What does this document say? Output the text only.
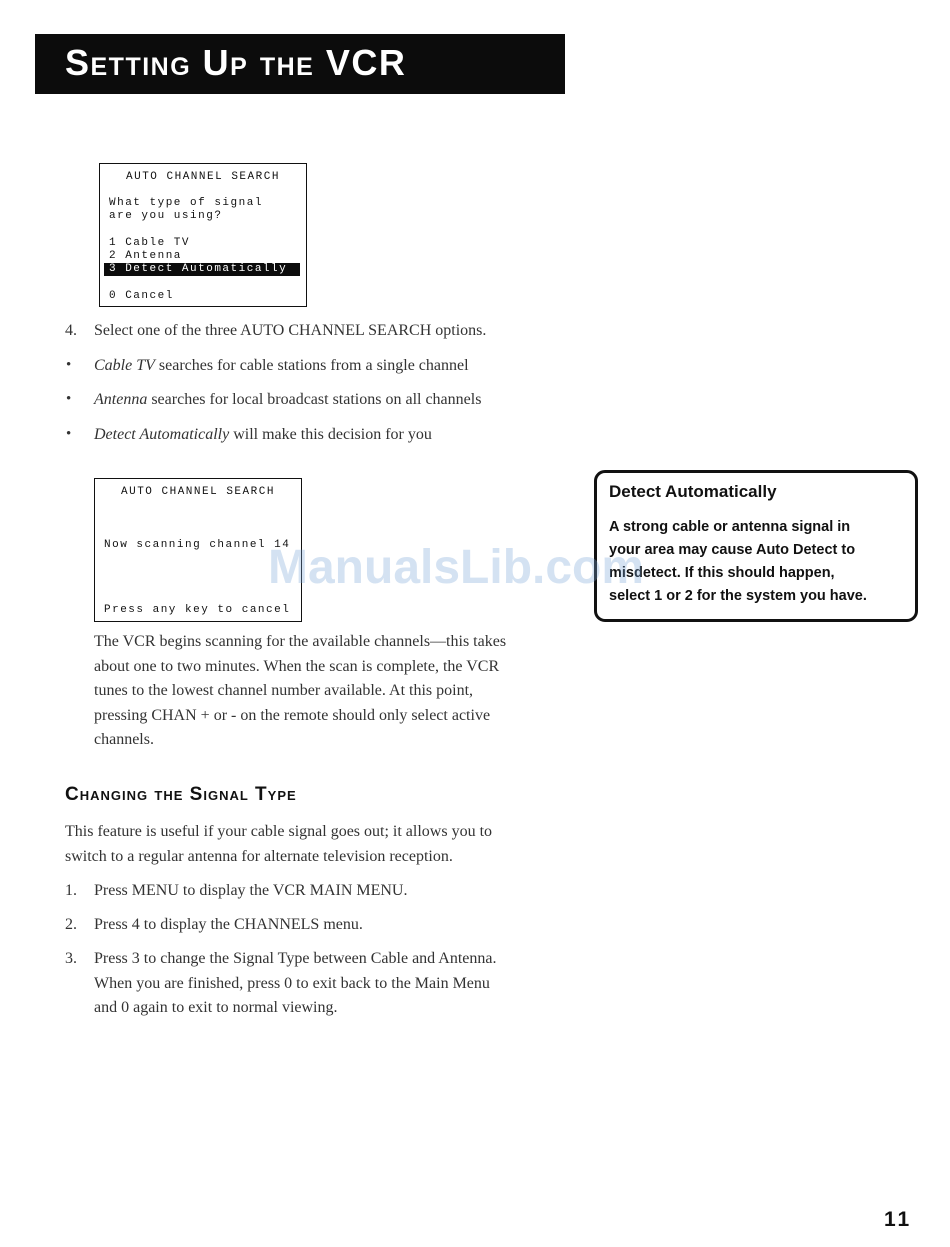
Setting Up the VCR
AUTO CHANNEL SEARCH
What type of signal
are you using?
1 Cable TV
2 Antenna
3 Detect Automatically
0 Cancel
4. Select one of the three AUTO CHANNEL SEARCH options.
• Cable TV searches for cable stations from a single channel
• Antenna searches for local broadcast stations on all channels
• Detect Automatically will make this decision for you
AUTO CHANNEL SEARCH
Now scanning channel 14
Press any key to cancel
The VCR begins scanning for the available channels—this takes
about one to two minutes. When the scan is complete, the VCR
tunes to the lowest channel number available. At this point,
pressing CHAN + or - on the remote should only select active
channels.
Detect Automatically
A strong cable or antenna signal in
your area may cause Auto Detect to
misdetect. If this should happen,
select 1 or 2 for the system you have.
ManualsLib.com
Changing the Signal Type
This feature is useful if your cable signal goes out; it allows you to
switch to a regular antenna for alternate television reception.
1. Press MENU to display the VCR MAIN MENU.
2. Press 4 to display the CHANNELS menu.
3. Press 3 to change the Signal Type between Cable and Antenna.
When you are finished, press 0 to exit back to the Main Menu
and 0 again to exit to normal viewing.
11
